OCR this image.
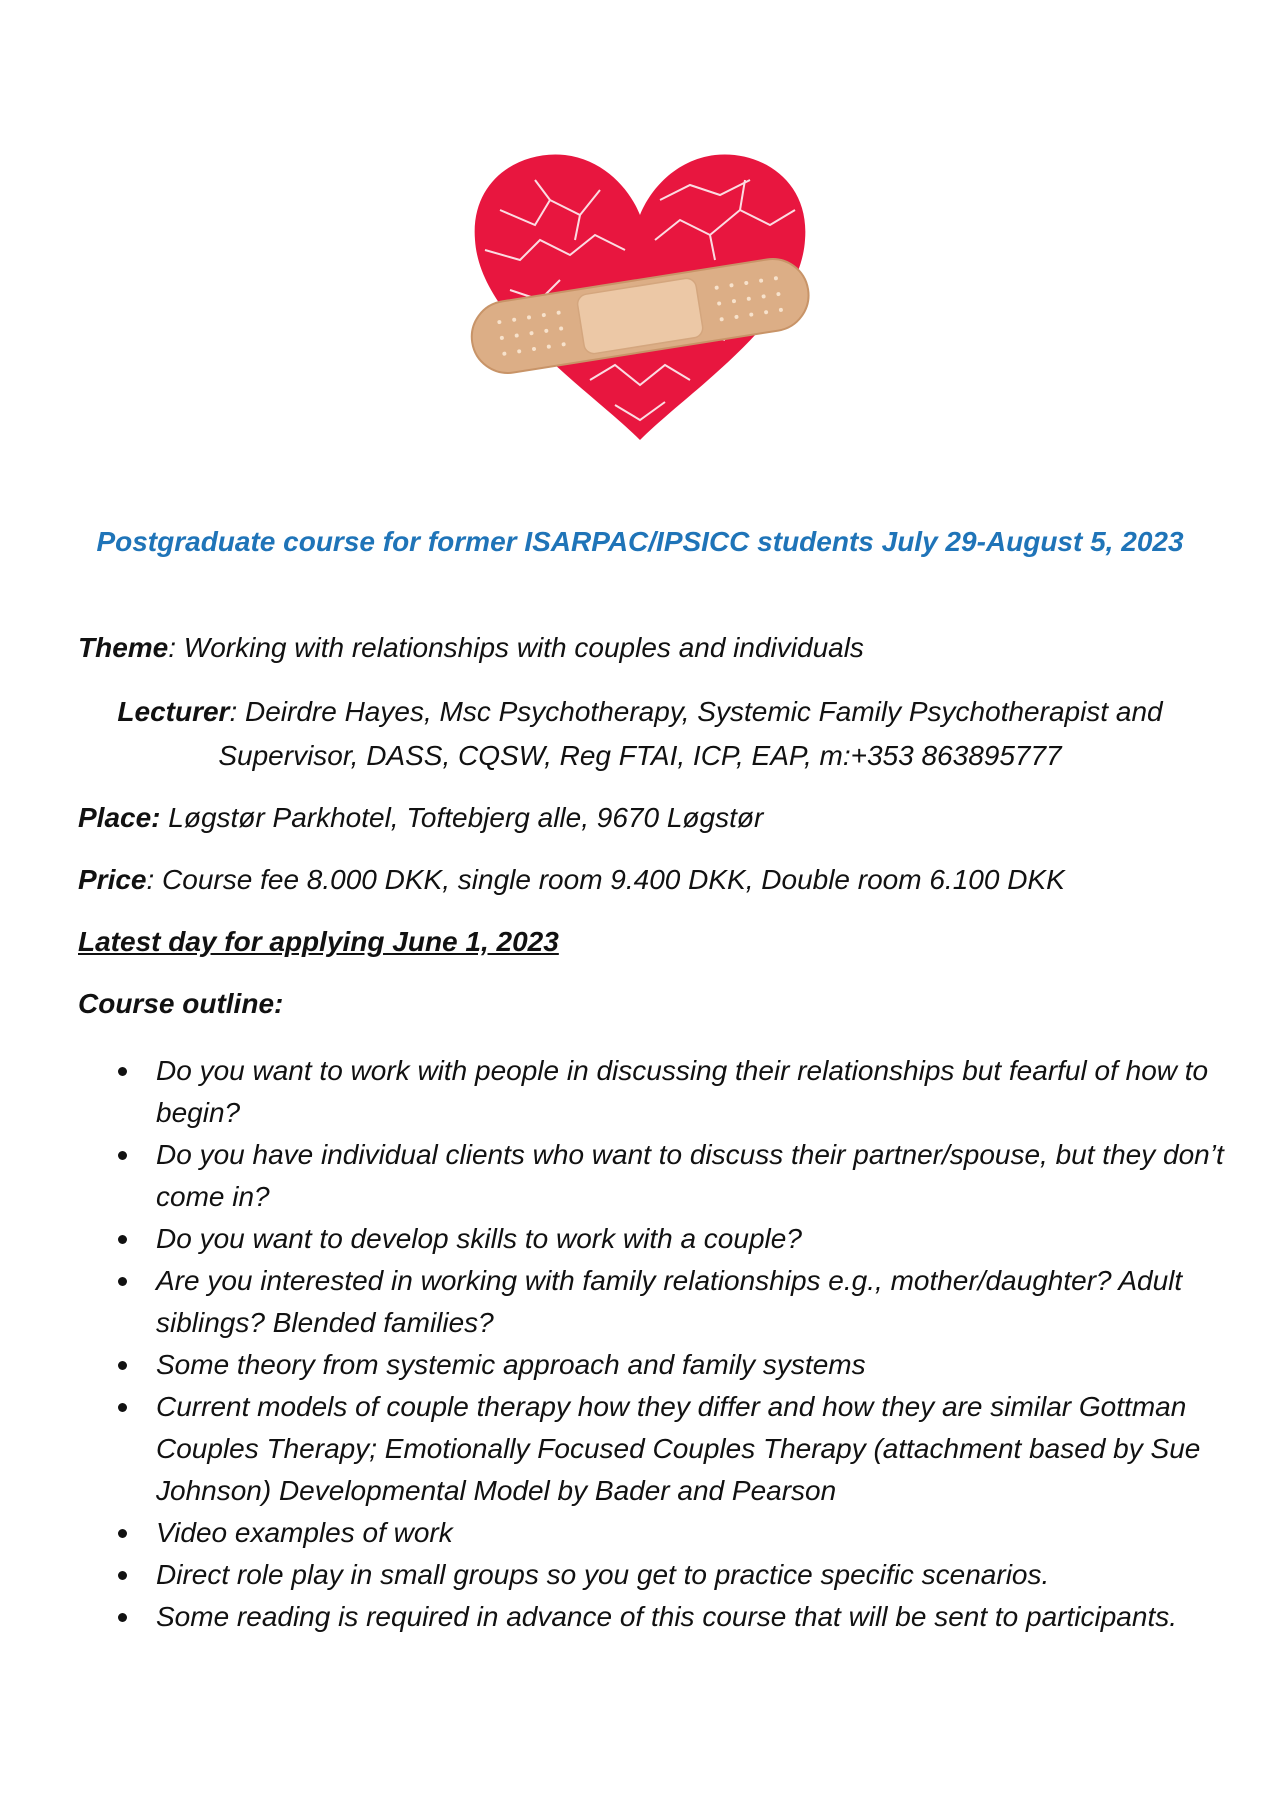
Postgraduate course for former ISARPAC/IPSICC students July 29-August 5, 2023
Theme: Working with relationships with couples and individuals
Lecturer: Deirdre Hayes, Msc Psychotherapy, Systemic Family Psychotherapist and Supervisor, DASS, CQSW, Reg FTAI, ICP, EAP, m:+353 863895777
Place: Løgstør Parkhotel, Toftebjerg alle, 9670 Løgstør
Price: Course fee 8.000 DKK, single room 9.400 DKK, Double room 6.100 DKK
Latest day for applying June 1, 2023
Course outline:
Do you want to work with people in discussing their relationships but fearful of how to begin?
Do you have individual clients who want to discuss their partner/spouse, but they don’t come in?
Do you want to develop skills to work with a couple?
Are you interested in working with family relationships e.g., mother/daughter? Adult siblings? Blended families?
Some theory from systemic approach and family systems
Current models of couple therapy how they differ and how they are similar Gottman Couples Therapy; Emotionally Focused Couples Therapy (attachment based by Sue Johnson) Developmental Model by Bader and Pearson
Video examples of work
Direct role play in small groups so you get to practice specific scenarios.
Some reading is required in advance of this course that will be sent to participants.
